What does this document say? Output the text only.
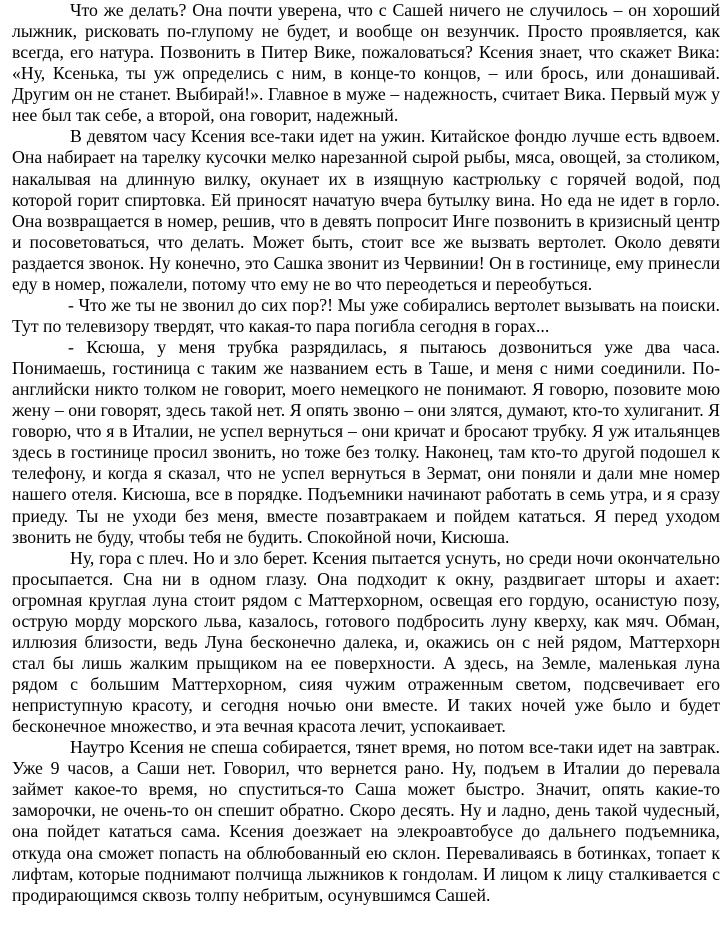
Что же делать? Она почти уверена, что с Сашей ничего не случилось – он хороший лыжник, рисковать по-глупому не будет, и вообще он везунчик. Просто проявляется, как всегда, его натура. Позвонить в Питер Вике, пожаловаться? Ксения знает, что скажет Вика: «Ну, Ксенька, ты уж определись с ним, в конце-то концов, – или брось, или донашивай. Другим он не станет. Выбирай!». Главное в муже – надежность, считает Вика. Первый муж у нее был так себе, а второй, она говорит, надежный.

В девятом часу Ксения все-таки идет на ужин. Китайское фондю лучше есть вдвоем. Она набирает на тарелку кусочки мелко нарезанной сырой рыбы, мяса, овощей, за столиком, накалывая на длинную вилку, окунает их в изящную кастрюльку с горячей водой, под которой горит спиртовка. Ей приносят начатую вчера бутылку вина. Но еда не идет в горло. Она возвращается в номер, решив, что в девять попросит Инге позвонить в кризисный центр и посоветоваться, что делать. Может быть, стоит все же вызвать вертолет. Около девяти раздается звонок. Ну конечно, это Сашка звонит из Червинии! Он в гостинице, ему принесли еду в номер, пожалели, потому что ему не во что переодеться и переобуться.

- Что же ты не звонил до сих пор?! Мы уже собирались вертолет вызывать на поиски. Тут по телевизору твердят, что какая-то пара погибла сегодня в горах...

- Ксюша, у меня трубка разрядилась, я пытаюсь дозвониться уже два часа. Понимаешь, гостиница с таким же названием есть в Таше, и меня с ними соединили. По-английски никто толком не говорит, моего немецкого не понимают. Я говорю, позовите мою жену – они говорят, здесь такой нет. Я опять звоню – они злятся, думают, кто-то хулиганит. Я говорю, что я в Италии, не успел вернуться – они кричат и бросают трубку. Я уж итальянцев здесь в гостинице просил звонить, но тоже без толку. Наконец, там кто-то другой подошел к телефону, и когда я сказал, что не успел вернуться в Зермат, они поняли и дали мне номер нашего отеля. Кисюша, все в порядке. Подъемники начинают работать в семь утра, и я сразу приеду. Ты не уходи без меня, вместе позавтракаем и пойдем кататься. Я перед уходом звонить не буду, чтобы тебя не будить. Спокойной ночи, Кисюша.

Ну, гора с плеч. Но и зло берет. Ксения пытается уснуть, но среди ночи окончательно просыпается. Сна ни в одном глазу. Она подходит к окну, раздвигает шторы и ахает: огромная круглая луна стоит рядом с Маттерхорном, освещая его гордую, осанистую позу, острую морду морского льва, казалось, готового подбросить луну кверху, как мяч. Обман, иллюзия близости, ведь Луна бесконечно далека, и, окажись он с ней рядом, Маттерхорн стал бы лишь жалким прыщиком на ее поверхности. А здесь, на Земле, маленькая луна рядом с большим Маттерхорном, сияя чужим отраженным светом, подсвечивает его неприступную красоту, и сегодня ночью они вместе. И таких ночей уже было и будет бесконечное множество, и эта вечная красота лечит, успокаивает.

Наутро Ксения не спеша собирается, тянет время, но потом все-таки идет на завтрак. Уже 9 часов, а Саши нет. Говорил, что вернется рано. Ну, подъем в Италии до перевала займет какое-то время, но спуститься-то Саша может быстро. Значит, опять какие-то заморочки, не очень-то он спешит обратно. Скоро десять. Ну и ладно, день такой чудесный, она пойдет кататься сама. Ксения доезжает на элекроавтобусе до дальнего подъемника, откуда она сможет попасть на облюбованный ею склон. Переваливаясь в ботинках, топает к лифтам, которые поднимают полчища лыжников к гондолам. И лицом к лицу сталкивается с продирающимся сквозь толпу небритым, осунувшимся Сашей.
